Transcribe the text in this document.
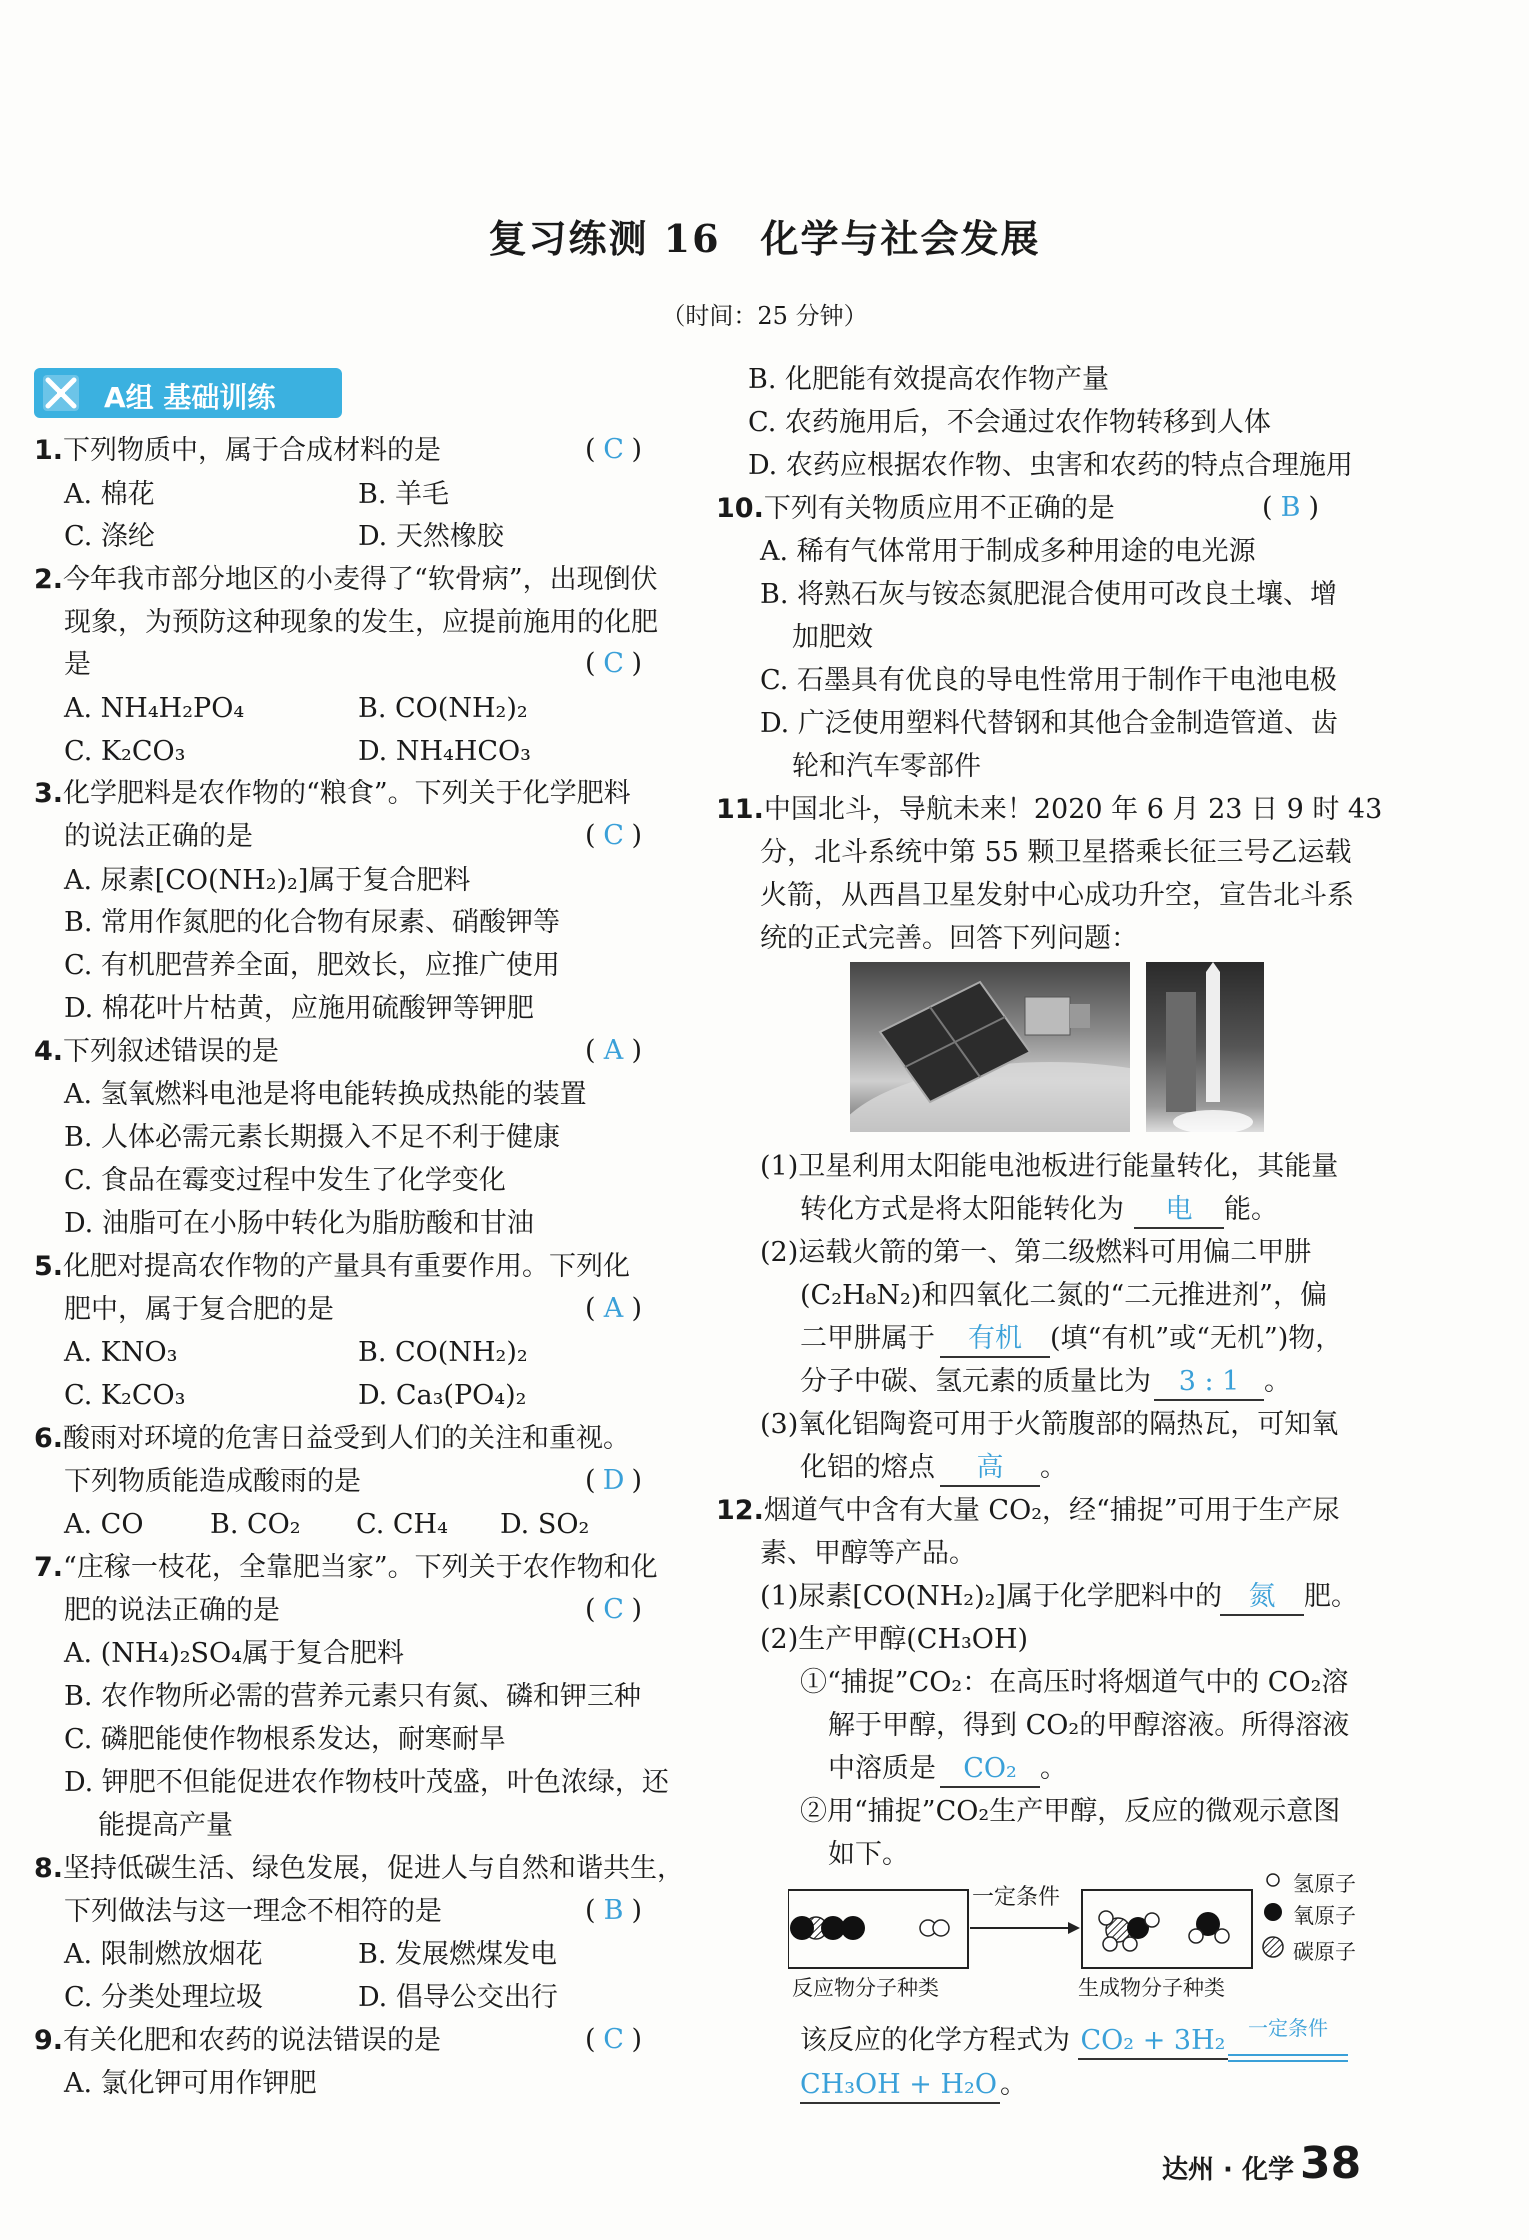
复习练测 16　化学与社会发展
（时间：25 分钟）
A组 基础训练
1.下列物质中，属于合成材料的是
A. 棉花	B. 羊毛
C. 涤纶	D. 天然橡胶
2.今年我市部分地区的小麦得了“软骨病”，出现倒伏
现象，为预防这种现象的发生，应提前施用的化肥
是
A. NH₄H₂PO₄	B. CO(NH₂)₂
C. K₂CO₃	D. NH₄HCO₃
3.化学肥料是农作物的“粮食”。下列关于化学肥料
的说法正确的是
A. 尿素[CO(NH₂)₂]属于复合肥料
B. 常用作氮肥的化合物有尿素、硝酸钾等
C. 有机肥营养全面，肥效长，应推广使用
D. 棉花叶片枯黄，应施用硫酸钾等钾肥
4.下列叙述错误的是
A. 氢氧燃料电池是将电能转换成热能的装置
B. 人体必需元素长期摄入不足不利于健康
C. 食品在霉变过程中发生了化学变化
D. 油脂可在小肠中转化为脂肪酸和甘油
5.化肥对提高农作物的产量具有重要作用。下列化
肥中，属于复合肥的是
A. KNO₃	B. CO(NH₂)₂
C. K₂CO₃	D. Ca₃(PO₄)₂
6.酸雨对环境的危害日益受到人们的关注和重视。
下列物质能造成酸雨的是
A. CO B. CO₂ C. CH₄ D. SO₂
7.“庄稼一枝花，全靠肥当家”。下列关于农作物和化
肥的说法正确的是
A. (NH₄)₂SO₄属于复合肥料
B. 农作物所必需的营养元素只有氮、磷和钾三种
C. 磷肥能使作物根系发达，耐寒耐旱
D. 钾肥不但能促进农作物枝叶茂盛，叶色浓绿，还
能提高产量
8.坚持低碳生活、绿色发展，促进人与自然和谐共生，
下列做法与这一理念不相符的是
A. 限制燃放烟花	B. 发展燃煤发电
C. 分类处理垃圾	D. 倡导公交出行
9.有关化肥和农药的说法错误的是
A. 氯化钾可用作钾肥
( C )
( C )
( C )
( A )
( A )
( D )
( C )
( B )
( C )
B. 化肥能有效提高农作物产量
C. 农药施用后，不会通过农作物转移到人体
D. 农药应根据农作物、虫害和农药的特点合理施用
10.下列有关物质应用不正确的是
A. 稀有气体常用于制成多种用途的电光源
B. 将熟石灰与铵态氮肥混合使用可改良土壤、增
加肥效
C. 石墨具有优良的导电性常用于制作干电池电极
D. 广泛使用塑料代替钢和其他合金制造管道、齿
轮和汽车零部件
11.中国北斗，导航未来！2020 年 6 月 23 日 9 时 43
分，北斗系统中第 55 颗卫星搭乘长征三号乙运载
火箭，从西昌卫星发射中心成功升空，宣告北斗系
统的正式完善。回答下列问题：
(1)卫星利用太阳能电池板进行能量转化，其能量
转化方式是将太阳能转化为
(2)运载火箭的第一、第二级燃料可用偏二甲肼
(C₂H₈N₂)和四氧化二氮的“二元推进剂”，偏
二甲肼属于
分子中碳、氢元素的质量比为
(3)氧化铝陶瓷可用于火箭腹部的隔热瓦，可知氧
化铝的熔点
12.烟道气中含有大量 CO₂，经“捕捉”可用于生产尿
素、甲醇等产品。
(1)尿素[CO(NH₂)₂]属于化学肥料中的
(2)生产甲醇(CH₃OH)
①“捕捉”CO₂：在高压时将烟道气中的 CO₂溶
解于甲醇，得到 CO₂的甲醇溶液。所得溶液
中溶质是
②用“捕捉”CO₂生产甲醇，反应的微观示意图
如下。
该反应的化学方程式为
( B )
一定条件
反应物分子种类	生成物分子种类
氢原子
氧原子
碳原子
电 能。
有机 (填“有机”或“无机”)物，
3 : 1 。
高 。
氮 肥。
CO₂ 。
CO₂ + 3H₂ $^{一定条件}$
CH₃OH + H₂O 。
达州 · 化学 38
